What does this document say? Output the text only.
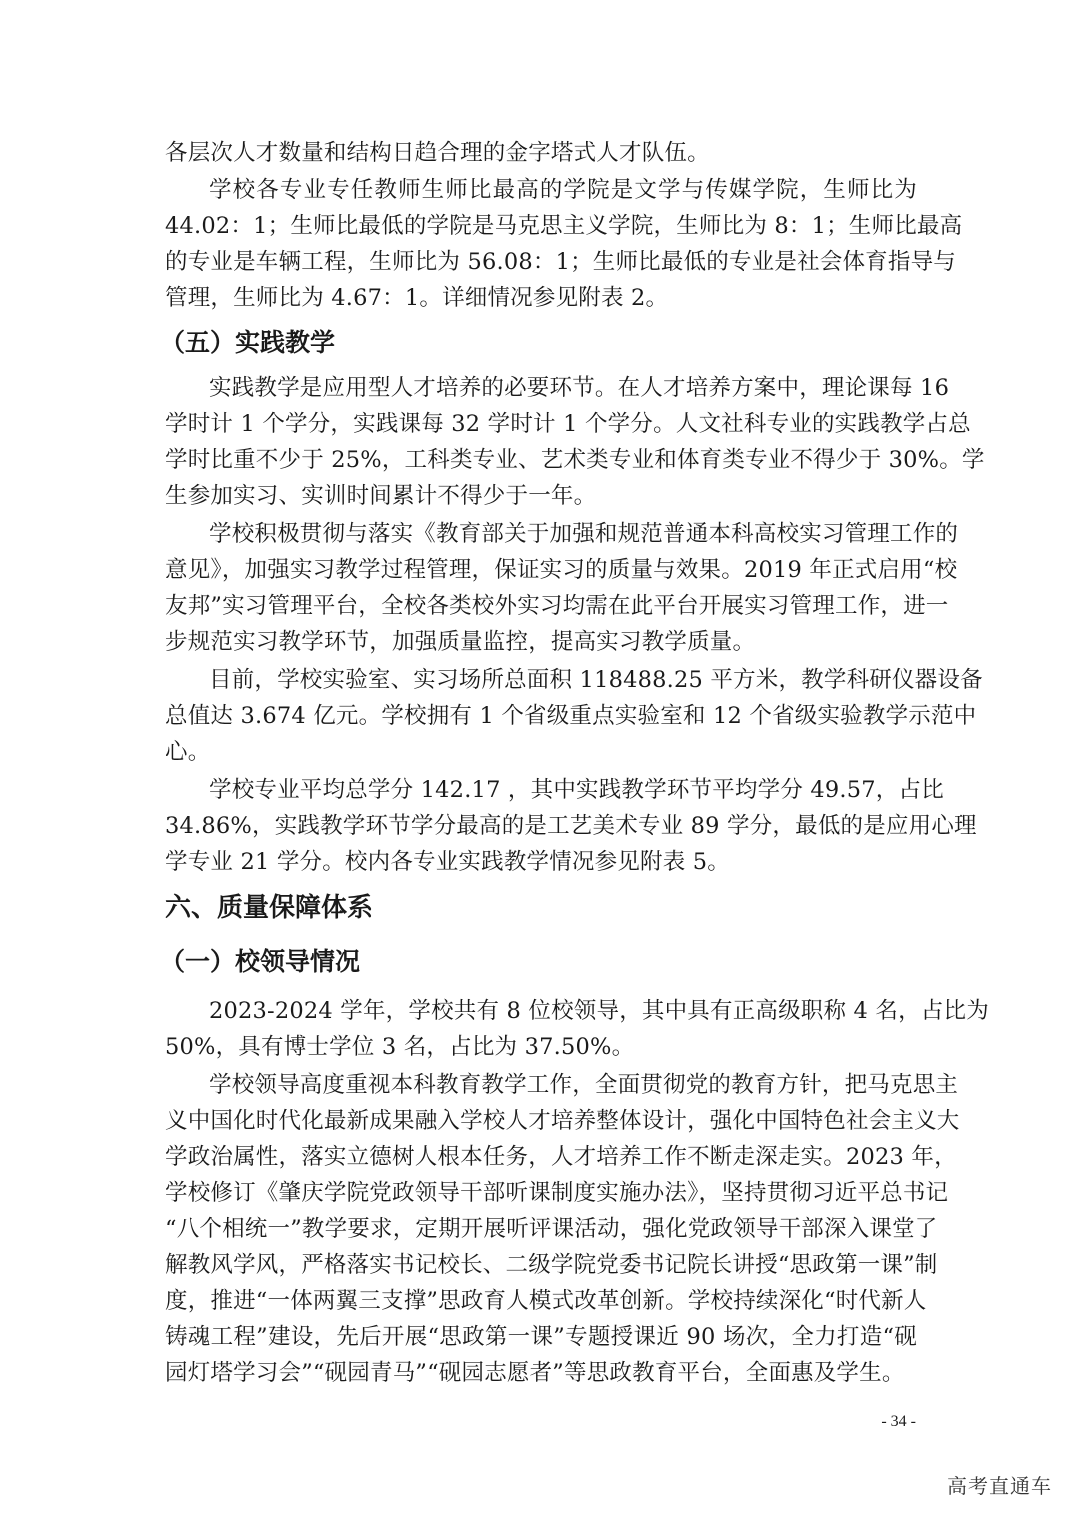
各层次人才数量和结构日趋合理的金字塔式人才队伍。
学校各专业专任教师生师比最高的学院是文学与传媒学院，生师比为
44.02：1；生师比最低的学院是马克思主义学院，生师比为 8：1；生师比最高
的专业是车辆工程，生师比为 56.08：1；生师比最低的专业是社会体育指导与
管理，生师比为 4.67：1。详细情况参见附表 2。
（五）实践教学
实践教学是应用型人才培养的必要环节。在人才培养方案中，理论课每 16
学时计 1 个学分，实践课每 32 学时计 1 个学分。人文社科专业的实践教学占总
学时比重不少于 25%，工科类专业、艺术类专业和体育类专业不得少于 30%。学
生参加实习、实训时间累计不得少于一年。
学校积极贯彻与落实《教育部关于加强和规范普通本科高校实习管理工作的
意见》，加强实习教学过程管理，保证实习的质量与效果。2019 年正式启用“校
友邦”实习管理平台，全校各类校外实习均需在此平台开展实习管理工作，进一
步规范实习教学环节，加强质量监控，提高实习教学质量。
目前，学校实验室、实习场所总面积 118488.25 平方米，教学科研仪器设备
总值达 3.674 亿元。学校拥有 1 个省级重点实验室和 12 个省级实验教学示范中
心。
学校专业平均总学分 142.17 ，其中实践教学环节平均学分 49.57，占比
34.86%，实践教学环节学分最高的是工艺美术专业 89 学分，最低的是应用心理
学专业 21 学分。校内各专业实践教学情况参见附表 5。
六、质量保障体系
（一）校领导情况
2023-2024 学年，学校共有 8 位校领导，其中具有正高级职称 4 名，占比为
50%，具有博士学位 3 名，占比为 37.50%。
学校领导高度重视本科教育教学工作，全面贯彻党的教育方针，把马克思主
义中国化时代化最新成果融入学校人才培养整体设计，强化中国特色社会主义大
学政治属性，落实立德树人根本任务，人才培养工作不断走深走实。2023 年，
学校修订《肇庆学院党政领导干部听课制度实施办法》，坚持贯彻习近平总书记
“八个相统一”教学要求，定期开展听评课活动，强化党政领导干部深入课堂了
解教风学风，严格落实书记校长、二级学院党委书记院长讲授“思政第一课”制
度，推进“一体两翼三支撑”思政育人模式改革创新。学校持续深化“时代新人
铸魂工程”建设，先后开展“思政第一课”专题授课近 90 场次，全力打造“砚
园灯塔学习会”“砚园青马”“砚园志愿者”等思政教育平台，全面惠及学生。
- 34 -
高考直通车
